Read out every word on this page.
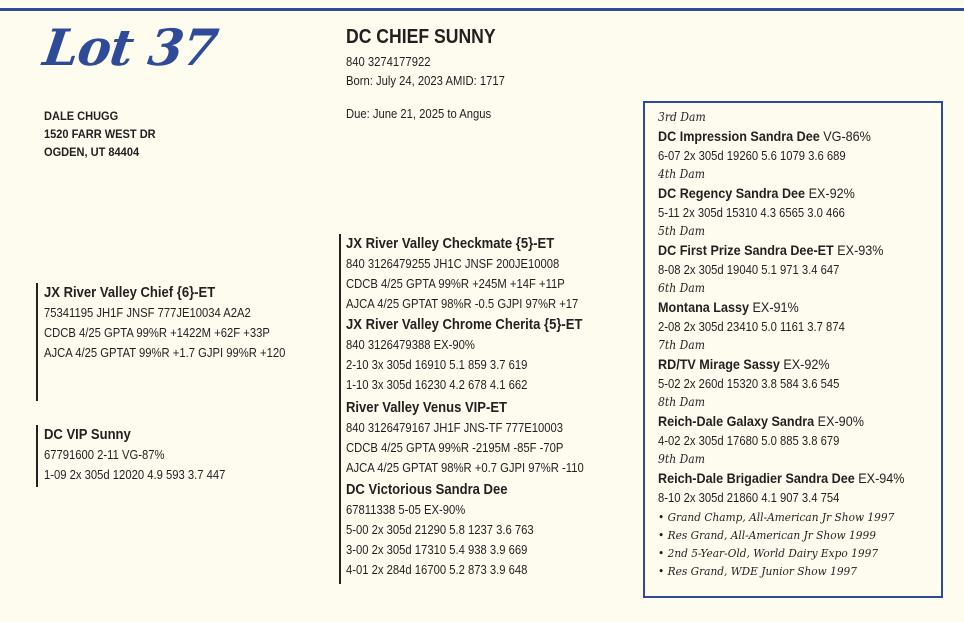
Lot 37
DALE CHUGG
1520 FARR WEST DR
OGDEN, UT 84404
DC CHIEF SUNNY
840 3274177922
Born: July 24, 2023 AMID: 1717
Due: June 21, 2025 to Angus
JX River Valley Chief {6}-ET
75341195 JH1F JNSF 777JE10034 A2A2
CDCB 4/25 GPTA 99%R +1422M +62F +33P
AJCA 4/25 GPTAT 99%R +1.7 GJPI 99%R +120
DC VIP Sunny
67791600 2-11 VG-87%
1-09 2x 305d 12020 4.9 593 3.7 447
JX River Valley Checkmate {5}-ET
840 3126479255 JH1C JNSF 200JE10008
CDCB 4/25 GPTA 99%R +245M +14F +11P
AJCA 4/25 GPTAT 98%R -0.5 GJPI 97%R +17
JX River Valley Chrome Cherita {5}-ET
840 3126479388 EX-90%
2-10 3x 305d 16910 5.1 859 3.7 619
1-10 3x 305d 16230 4.2 678 4.1 662
River Valley Venus VIP-ET
840 3126479167 JH1F JNS-TF 777E10003
CDCB 4/25 GPTA 99%R -2195M -85F -70P
AJCA 4/25 GPTAT 98%R +0.7 GJPI 97%R -110
DC Victorious Sandra Dee
67811338 5-05 EX-90%
5-00 2x 305d 21290 5.8 1237 3.6 763
3-00 2x 305d 17310 5.4 938 3.9 669
4-01 2x 284d 16700 5.2 873 3.9 648
3rd Dam
DC Impression Sandra Dee VG-86%
6-07 2x 305d 19260 5.6 1079 3.6 689
4th Dam
DC Regency Sandra Dee EX-92%
5-11 2x 305d 15310 4.3 6565 3.0 466
5th Dam
DC First Prize Sandra Dee-ET EX-93%
8-08 2x 305d 19040 5.1 971 3.4 647
6th Dam
Montana Lassy EX-91%
2-08 2x 305d 23410 5.0 1161 3.7 874
7th Dam
RD/TV Mirage Sassy EX-92%
5-02 2x 260d 15320 3.8 584 3.6 545
8th Dam
Reich-Dale Galaxy Sandra EX-90%
4-02 2x 305d 17680 5.0 885 3.8 679
9th Dam
Reich-Dale Brigadier Sandra Dee EX-94%
8-10 2x 305d 21860 4.1 907 3.4 754
• Grand Champ, All-American Jr Show 1997
• Res Grand, All-American Jr Show 1999
• 2nd 5-Year-Old, World Dairy Expo 1997
• Res Grand, WDE Junior Show 1997
